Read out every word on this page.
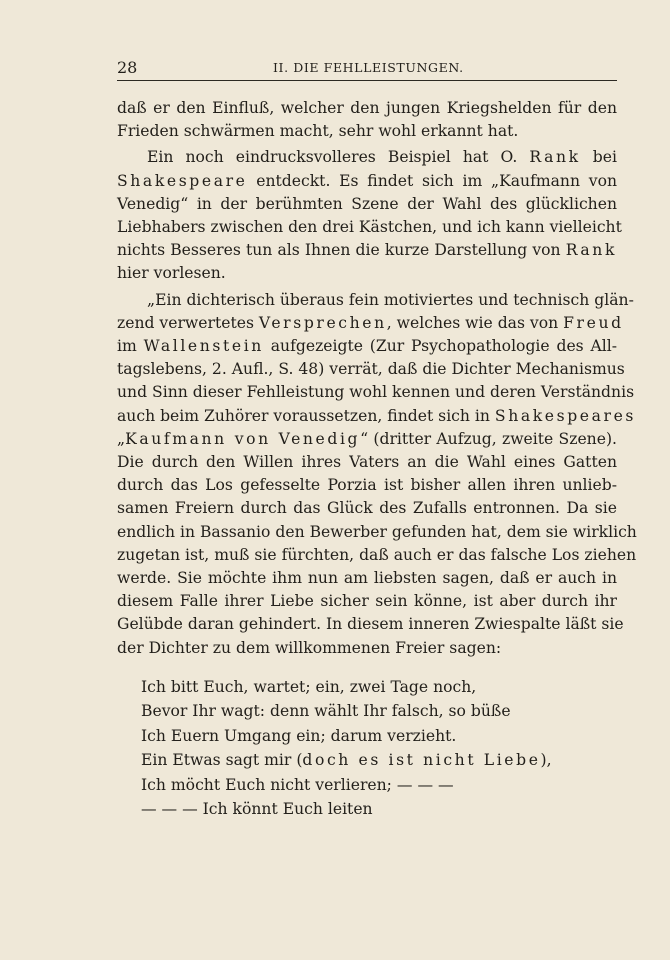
28	II. DIE FEHLLEISTUNGEN.
daß er den Einfluß, welcher den jungen Kriegshelden für den
Frieden schwärmen macht, sehr wohl erkannt hat.
Ein noch eindrucksvolleres Beispiel hat O. Rank bei
Shakespeare entdeckt. Es findet sich im „Kaufmann von
Venedig“ in der berühmten Szene der Wahl des glücklichen
Liebhabers zwischen den drei Kästchen, und ich kann vielleicht
nichts Besseres tun als Ihnen die kurze Darstellung von Rank
hier vorlesen.
„Ein dichterisch überaus fein motiviertes und technisch glän-
zend verwertetes Versprechen, welches wie das von Freud
im Wallenstein aufgezeigte (Zur Psychopathologie des All-
tagslebens, 2. Aufl., S. 48) verrät, daß die Dichter Mechanismus
und Sinn dieser Fehlleistung wohl kennen und deren Verständnis
auch beim Zuhörer voraussetzen, findet sich in Shakespeares
„Kaufmann von Venedig“ (dritter Aufzug, zweite Szene).
Die durch den Willen ihres Vaters an die Wahl eines Gatten
durch das Los gefesselte Porzia ist bisher allen ihren unlieb-
samen Freiern durch das Glück des Zufalls entronnen. Da sie
endlich in Bassanio den Bewerber gefunden hat, dem sie wirklich
zugetan ist, muß sie fürchten, daß auch er das falsche Los ziehen
werde. Sie möchte ihm nun am liebsten sagen, daß er auch in
diesem Falle ihrer Liebe sicher sein könne, ist aber durch ihr
Gelübde daran gehindert. In diesem inneren Zwiespalte läßt sie
der Dichter zu dem willkommenen Freier sagen:
Ich bitt Euch, wartet; ein, zwei Tage noch,
Bevor Ihr wagt: denn wählt Ihr falsch, so büße
Ich Euern Umgang ein; darum verzieht.
Ein Etwas sagt mir (doch es ist nicht Liebe),
Ich möcht Euch nicht verlieren; — — —
— — — Ich könnt Euch leiten
